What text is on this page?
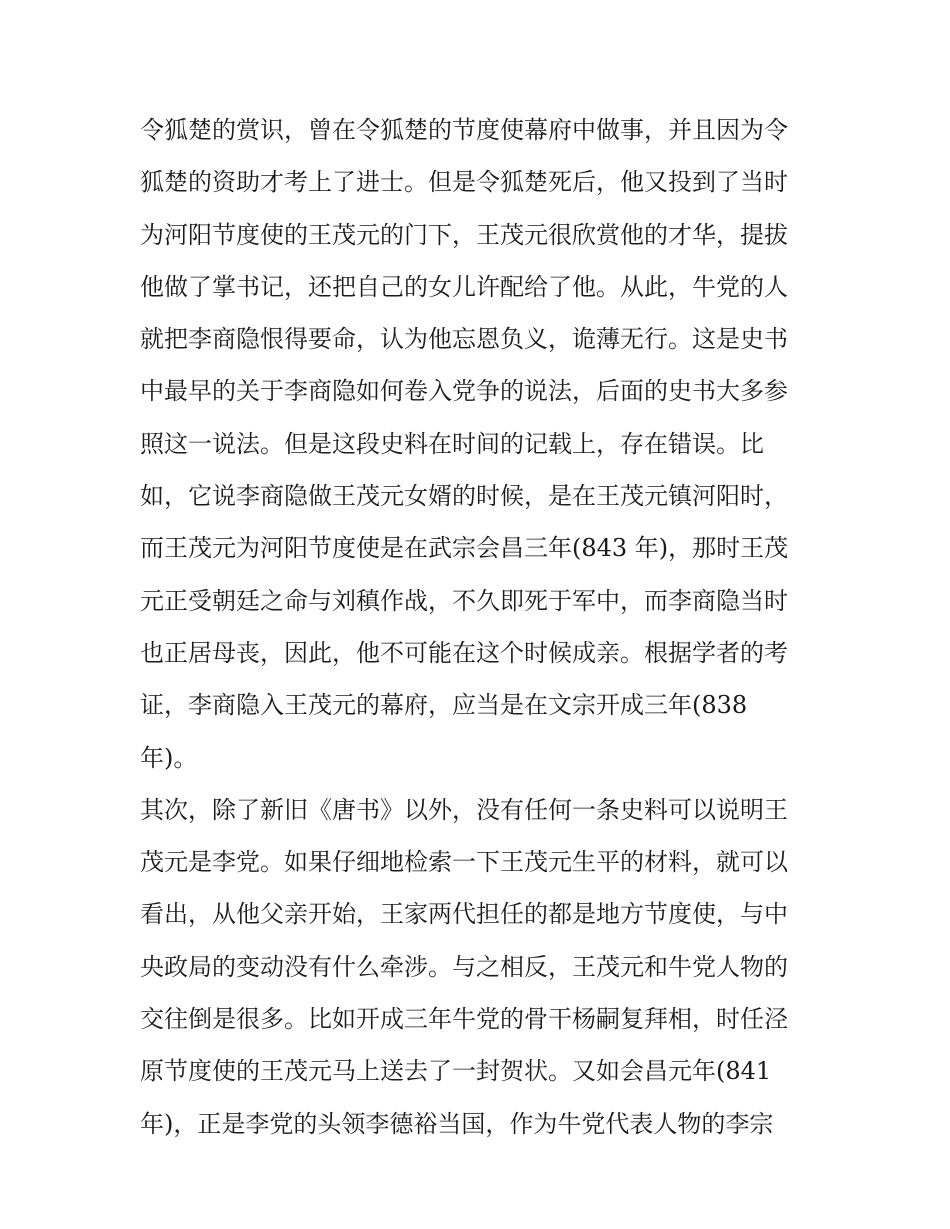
令狐楚的赏识，曾在令狐楚的节度使幕府中做事，并且因为令
狐楚的资助才考上了进士。但是令狐楚死后，他又投到了当时
为河阳节度使的王茂元的门下，王茂元很欣赏他的才华，提拔
他做了掌书记，还把自己的女儿许配给了他。从此，牛党的人
就把李商隐恨得要命，认为他忘恩负义，诡薄无行。这是史书
中最早的关于李商隐如何卷入党争的说法，后面的史书大多参
照这一说法。但是这段史料在时间的记载上，存在错误。比
如，它说李商隐做王茂元女婿的时候，是在王茂元镇河阳时，
而王茂元为河阳节度使是在武宗会昌三年(843 年)，那时王茂
元正受朝廷之命与刘稹作战，不久即死于军中，而李商隐当时
也正居母丧，因此，他不可能在这个时候成亲。根据学者的考
证，李商隐入王茂元的幕府，应当是在文宗开成三年(838
年)。
其次，除了新旧《唐书》以外，没有任何一条史料可以说明王
茂元是李党。如果仔细地检索一下王茂元生平的材料，就可以
看出，从他父亲开始，王家两代担任的都是地方节度使，与中
央政局的变动没有什么牵涉。与之相反，王茂元和牛党人物的
交往倒是很多。比如开成三年牛党的骨干杨嗣复拜相，时任泾
原节度使的王茂元马上送去了一封贺状。又如会昌元年(841
年)，正是李党的头领李德裕当国，作为牛党代表人物的李宗
